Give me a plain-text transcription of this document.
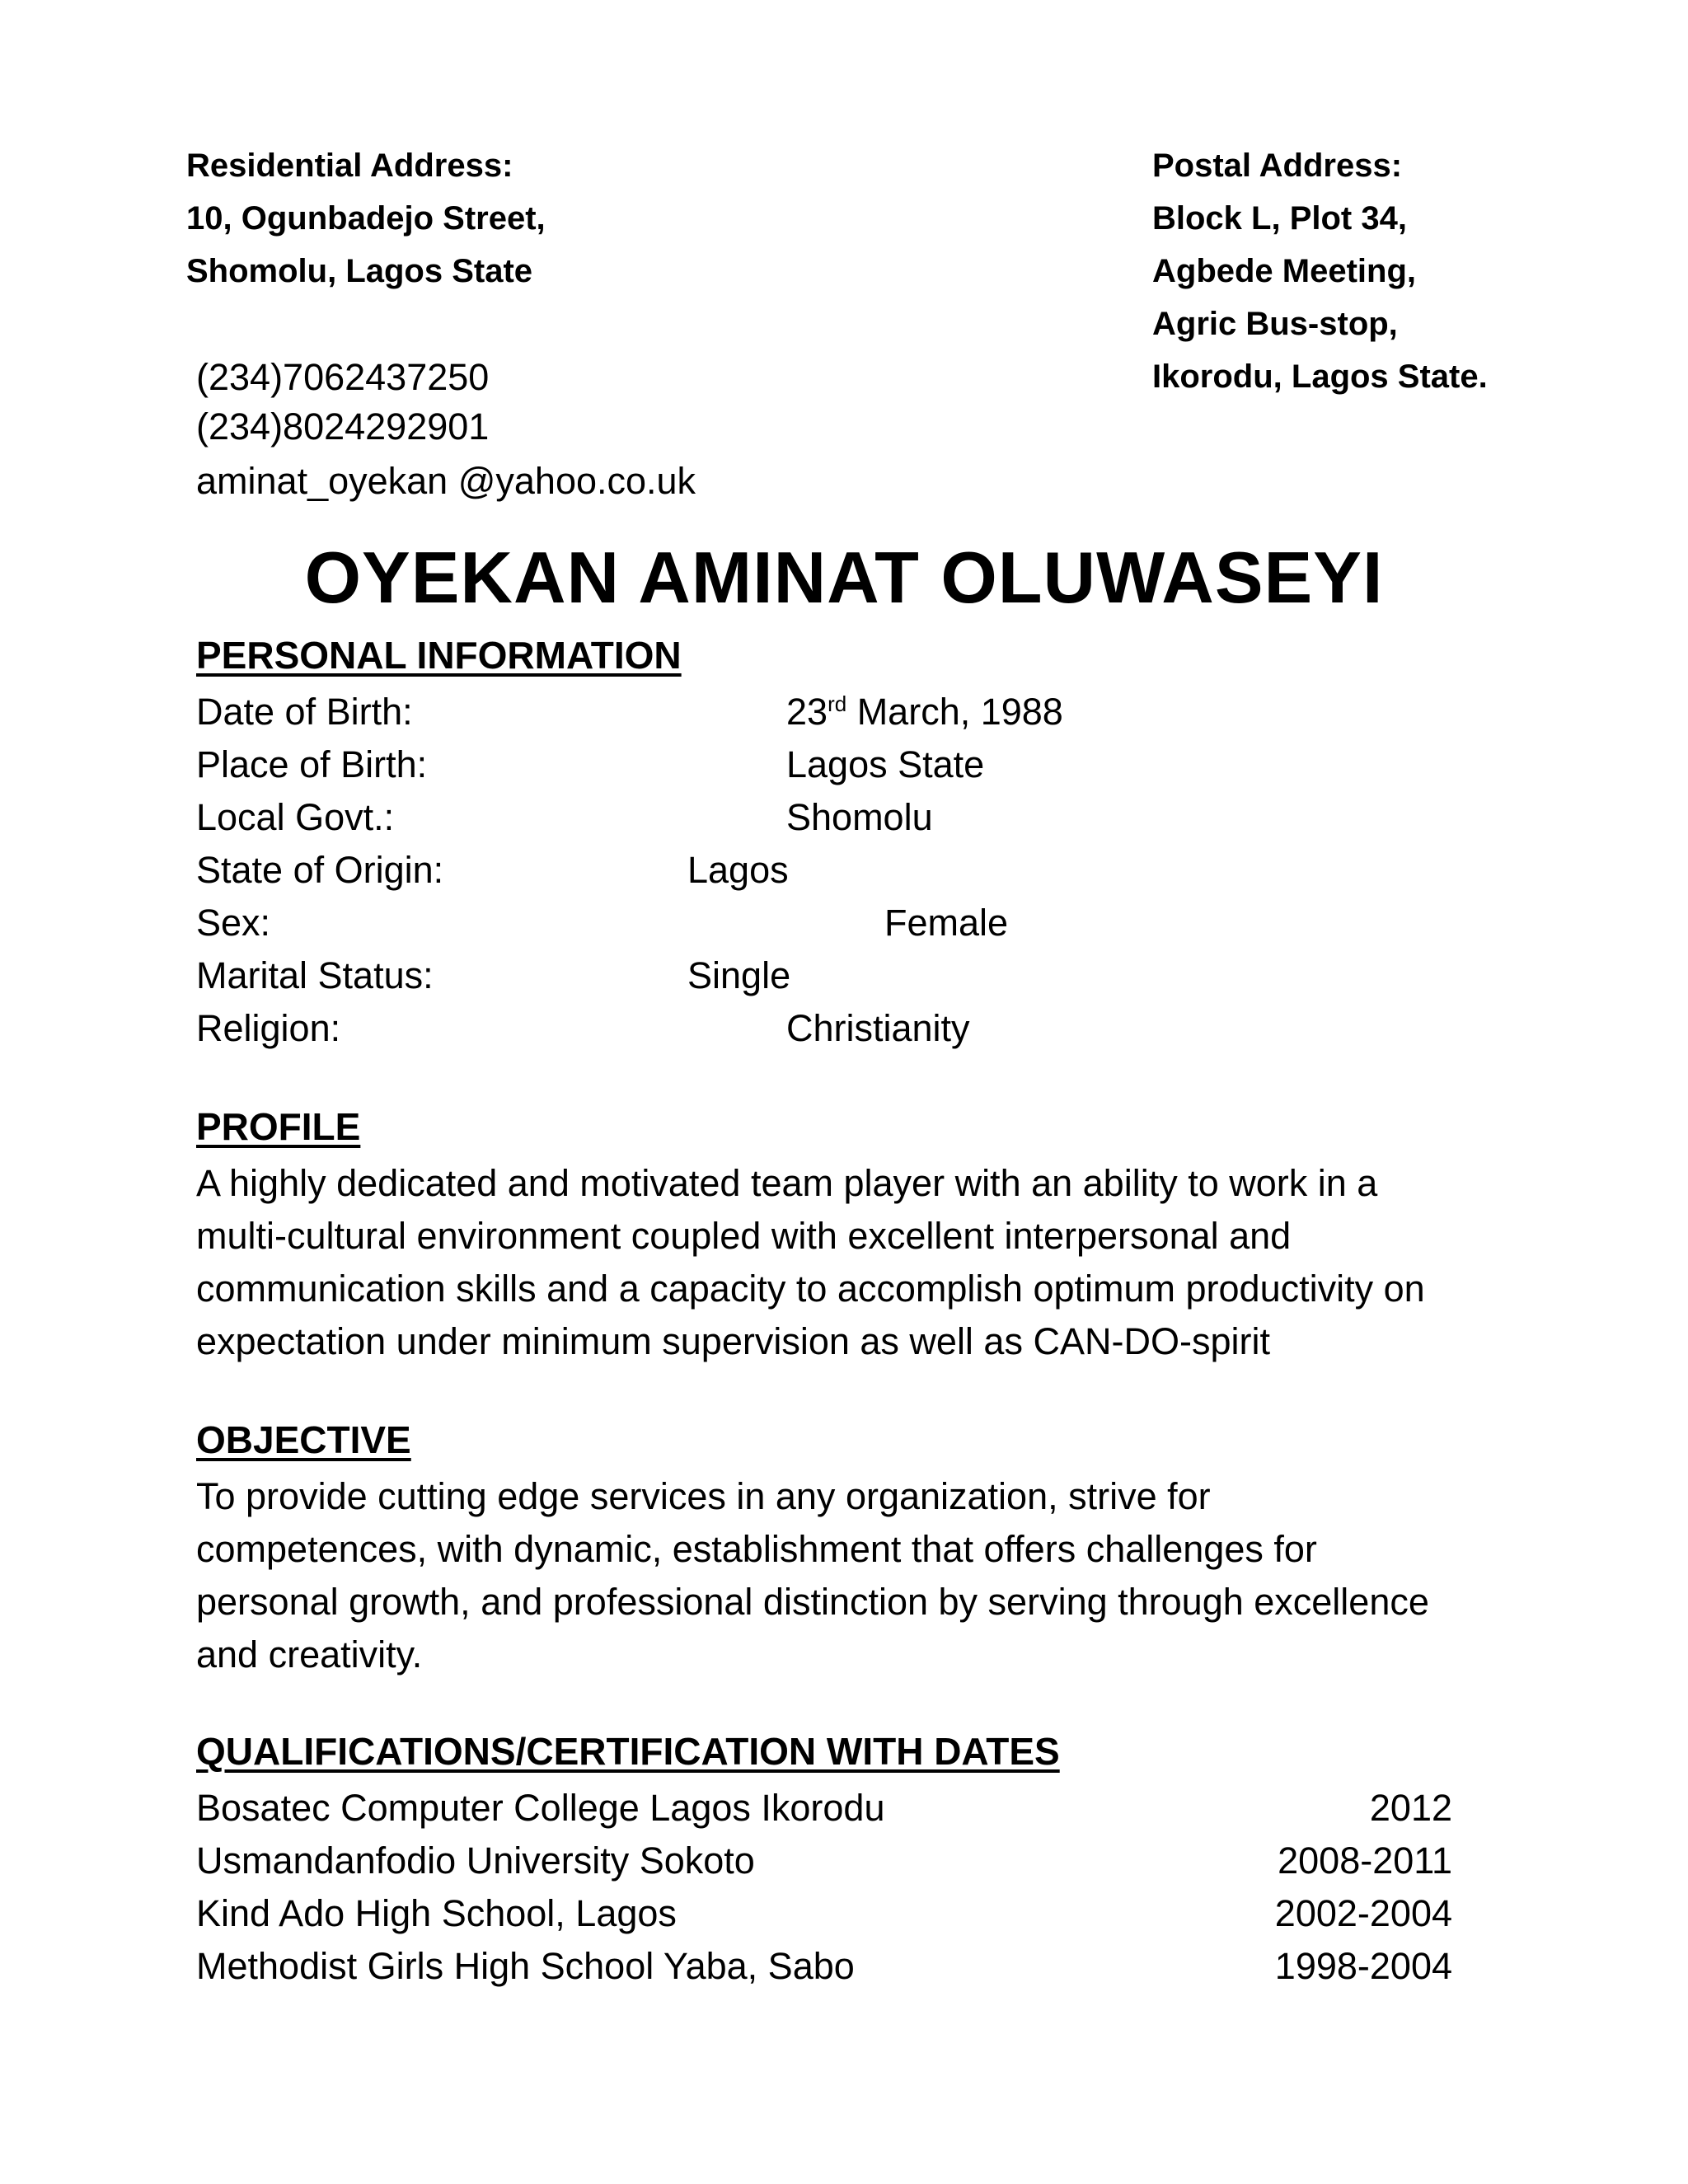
Residential Address:
10, Ogunbadejo Street,
Shomolu, Lagos State
Postal Address:
Block L, Plot 34,
Agbede Meeting,
Agric Bus-stop,
Ikorodu, Lagos State.
(234)7062437250
(234)8024292901
aminat_oyekan @yahoo.co.uk
OYEKAN AMINAT OLUWASEYI
PERSONAL INFORMATION
Date of Birth:	23rd March, 1988
Place of Birth:	Lagos State
Local Govt.:	Shomolu
State of Origin:	Lagos
Sex:	Female
Marital Status:	Single
Religion:	Christianity
PROFILE
A highly dedicated and motivated team player with an ability to work in a
multi-cultural environment coupled with excellent interpersonal and
communication skills and a capacity to accomplish optimum productivity on
expectation under minimum supervision as well as CAN-DO-spirit
OBJECTIVE
To provide cutting edge services in any organization, strive for
competences, with dynamic, establishment that offers challenges for
personal growth, and professional distinction by serving through excellence
and creativity.
QUALIFICATIONS/CERTIFICATION WITH DATES
Bosatec Computer College Lagos Ikorodu	2012
Usmandanfodio University Sokoto	2008-2011
Kind Ado High School, Lagos	2002-2004
Methodist Girls High School Yaba, Sabo	1998-2004
